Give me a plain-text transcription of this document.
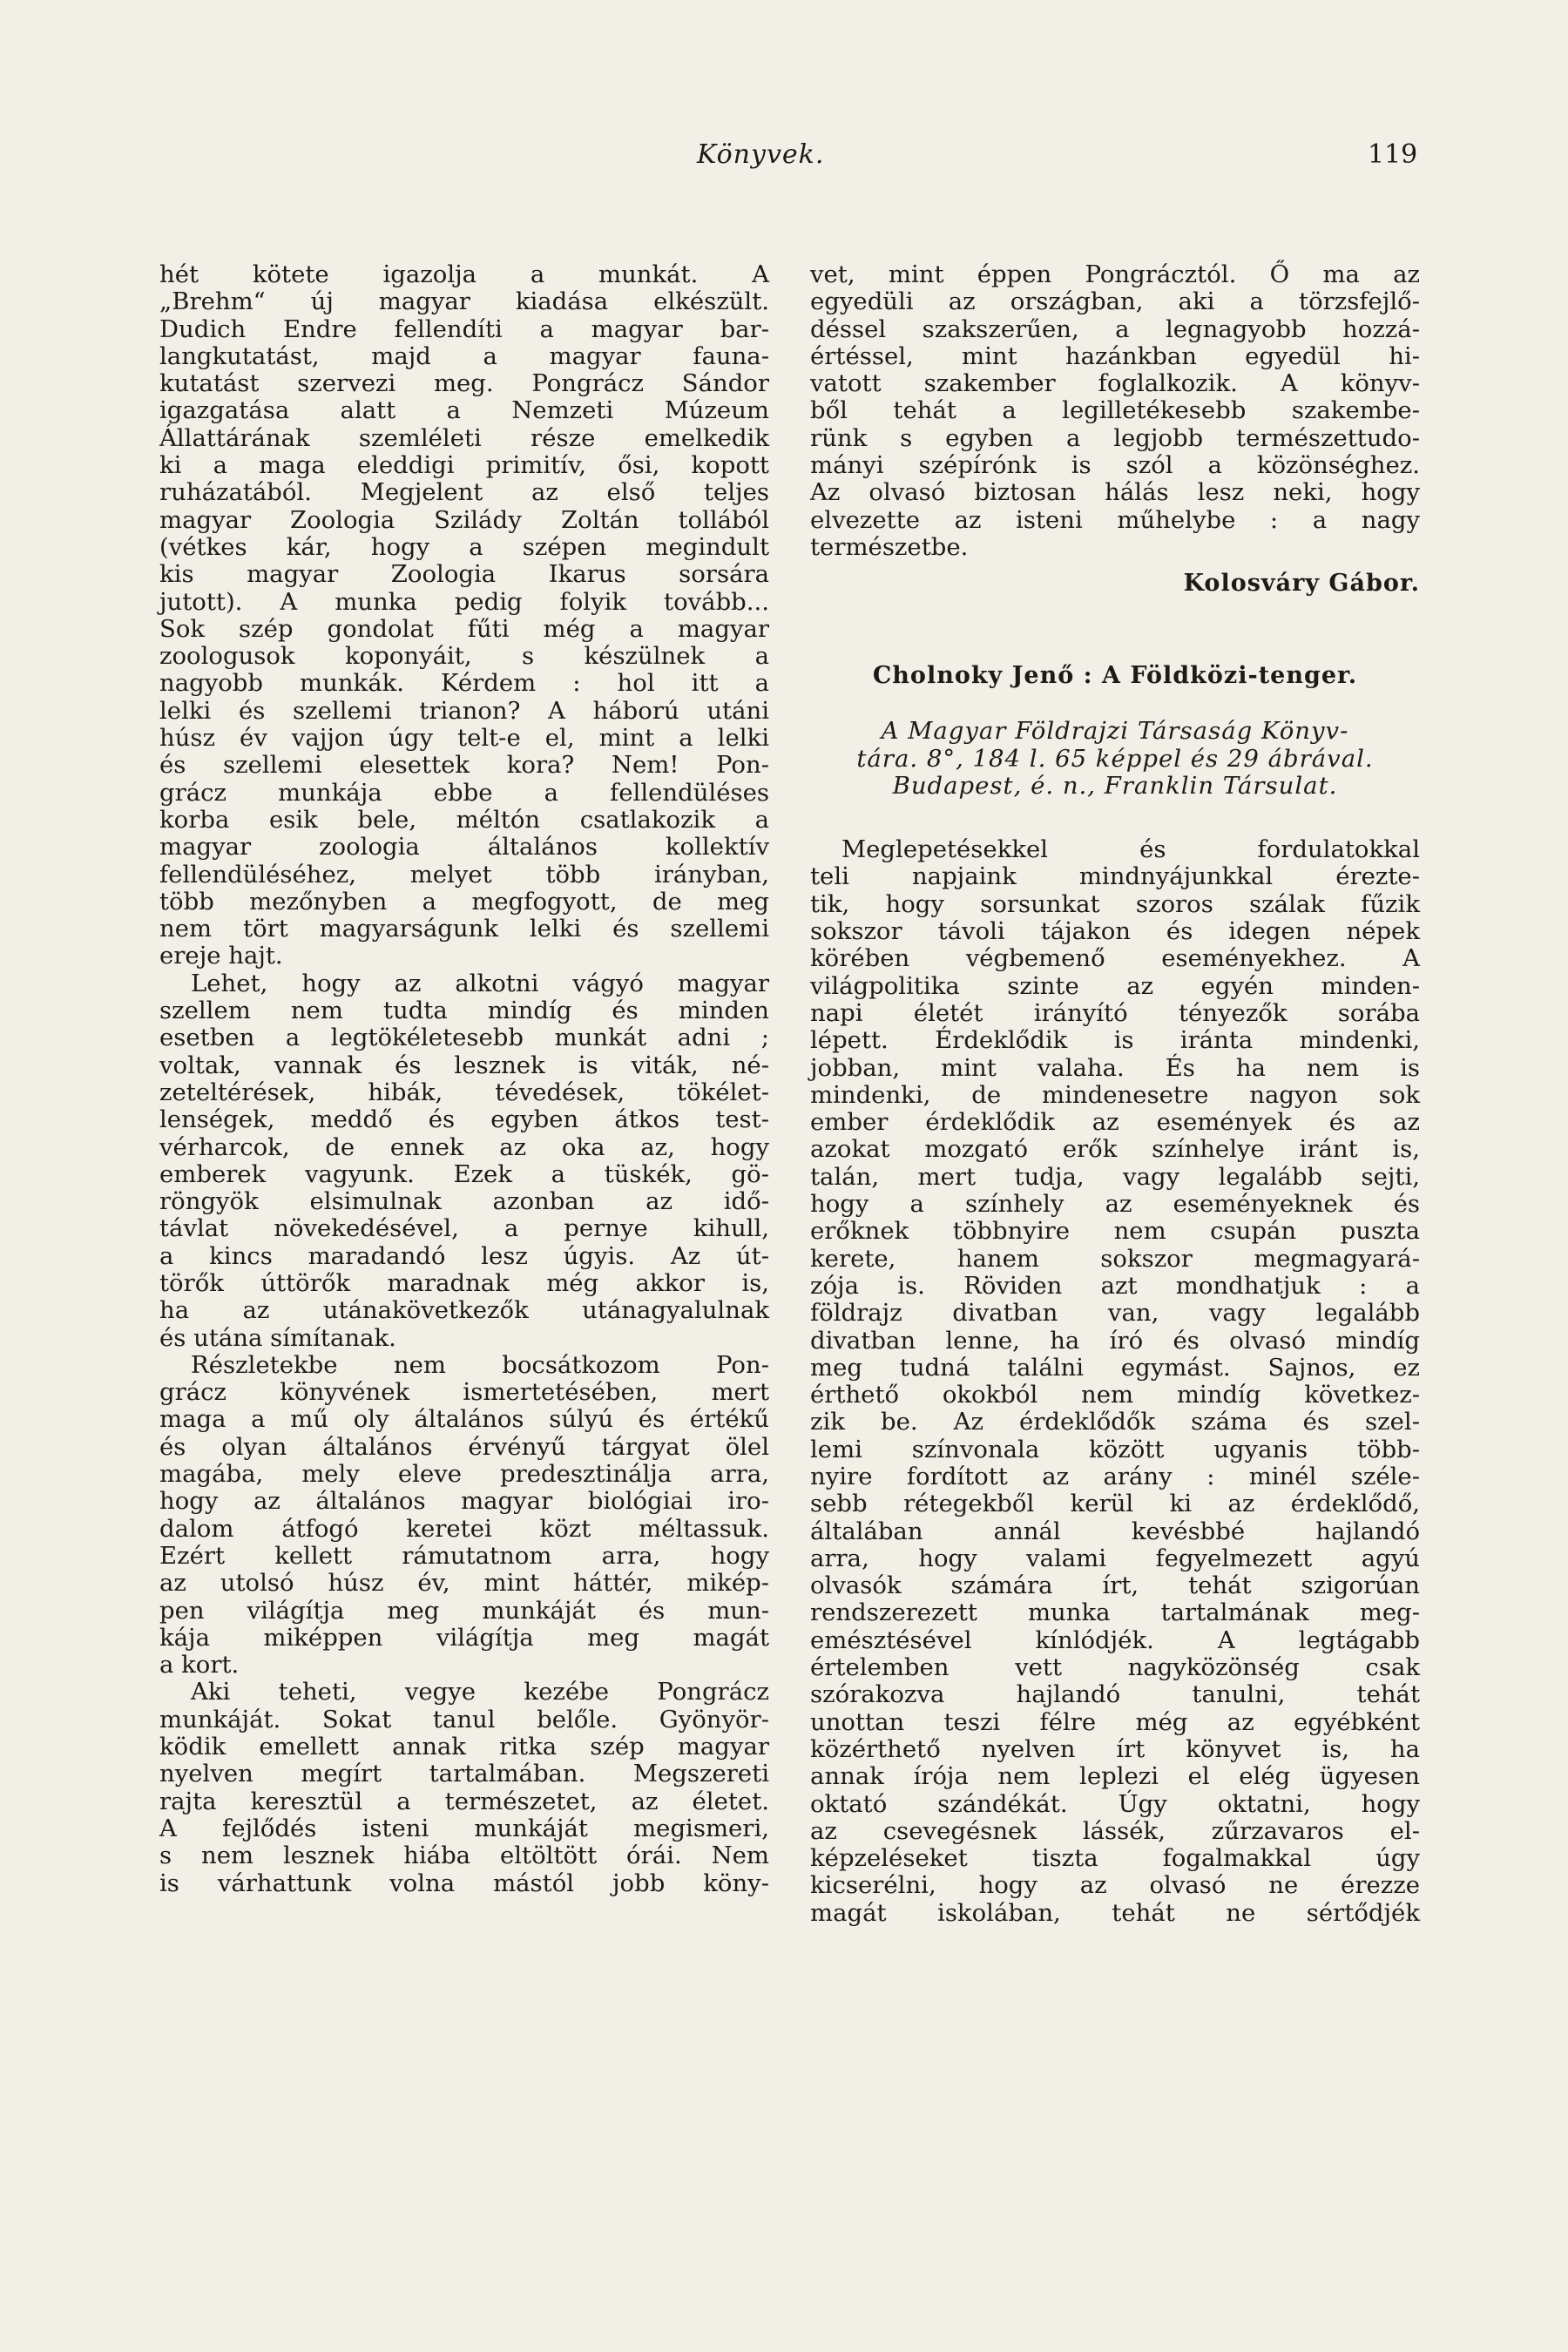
Könyvek.	119
hét kötete igazolja a munkát. A
„Brehm“ új magyar kiadása elkészült.
Dudich Endre fellendíti a magyar bar-
langkutatást, majd a magyar fauna-
kutatást szervezi meg. Pongrácz Sándor
igazgatása alatt a Nemzeti Múzeum
Állattárának szemléleti része emelkedik
ki a maga eleddigi primitív, ősi, kopott
ruházatából. Megjelent az első teljes
magyar Zoologia Sziládу Zoltán tollából
(vétkes kár, hogy a szépen megindult
kis magyar Zoologia Ikarus sorsára
jutott). A munka pedig folyik tovább...
Sok szép gondolat fűti még a magyar
zoologusok koponyáit, s készülnek a
nagyobb munkák. Kérdem : hol itt a
lelki és szellemi trianon? A háború utáni
húsz év vajjon úgy telt-e el, mint a lelki
és szellemi elesettek kora? Nem! Pon-
grácz munkája ebbe a fellendüléses
korba esik bele, méltón csatlakozik a
magyar zoologia általános kollektív
fellendüléséhez, melyet több irányban,
több mezőnyben a megfogyott, de meg
nem tört magyarságunk lelki és szellemi
ereje hajt.
Lehet, hogy az alkotni vágyó magyar
szellem nem tudta mindíg és minden
esetben a legtökéletesebb munkát adni ;
voltak, vannak és lesznek is viták, né-
zeteltérések, hibák, tévedések, tökélet-
lenségek, meddő és egyben átkos test-
vérharcok, de ennek az oka az, hogy
emberek vagyunk. Ezek a tüskék, gö-
röngyök elsimulnak azonban az idő-
távlat növekedésével, a pernye kihull,
a kincs maradandó lesz úgyis. Az út-
törők úttörők maradnak még akkor is,
ha az utánakövetkezők utánagyalulnak
és utána símítanak.
Részletekbe nem bocsátkozom Pon-
grácz könyvének ismertetésében, mert
maga a mű oly általános súlyú és értékű
és olyan általános érvényű tárgyat ölel
magába, mely eleve predesztinálja arra,
hogy az általános magyar biológiai iro-
dalom átfogó keretei közt méltassuk.
Ezért kellett rámutatnom arra, hogy
az utolsó húsz év, mint háttér, mikép-
pen világítja meg munkáját és mun-
kája miképpen világítja meg magát
a kort.
Aki teheti, vegye kezébe Pongrácz
munkáját. Sokat tanul belőle. Gyönyör-
ködik emellett annak ritka szép magyar
nyelven megírt tartalmában. Megszereti
rajta keresztül a természetet, az életet.
A fejlődés isteni munkáját megismeri,
s nem lesznek hiába eltöltött órái. Nem
is várhattunk volna mástól jobb köny-
vet, mint éppen Pongrácztól. Ő ma az
egyedüli az országban, aki a törzsfejlő-
déssel szakszerűen, a legnagyobb hozzá-
értéssel, mint hazánkban egyedül hi-
vatott szakember foglalkozik. A könyv-
ből tehát a legilletékesebb szakembe-
rünk s egyben a legjobb természettudo-
mányi szépírónk is szól a közönséghez.
Az olvasó biztosan hálás lesz neki, hogy
elvezette az isteni műhelybe : a nagy
természetbe.
Kolosváry Gábor.
Cholnoky Jenő : A Földközi-tenger.
A Magyar Földrajzi Társaság Könyv-
tára. 8°, 184 l. 65 képpel és 29 ábrával.
Budapest, é. n., Franklin Társulat.
Meglepetésekkel és fordulatokkal
teli napjaink mindnyájunkkal érezte-
tik, hogy sorsunkat szoros szálak fűzik
sokszor távoli tájakon és idegen népek
körében végbemenő eseményekhez. A
világpolitika szinte az egyén minden-
napi életét irányító tényezők sorába
lépett. Érdeklődik is iránta mindenki,
jobban, mint valaha. És ha nem is
mindenki, de mindenesetre nagyon sok
ember érdeklődik az események és az
azokat mozgató erők színhelye iránt is,
talán, mert tudja, vagy legalább sejti,
hogy a színhely az eseményeknek és
erőknek többnyire nem csupán puszta
kerete, hanem sokszor megmagyará-
zója is. Röviden azt mondhatjuk : a
földrajz divatban van, vagy legalább
divatban lenne, ha író és olvasó mindíg
meg tudná találni egymást. Sajnos, ez
érthető okokból nem mindíg következ-
zik be. Az érdeklődők száma és szel-
lemi színvonala között ugyanis több-
nyire fordított az arány : minél széle-
sebb rétegekből kerül ki az érdeklődő,
általában annál kevésbbé hajlandó
arra, hogy valami fegyelmezett agyú
olvasók számára írt, tehát szigorúan
rendszerezett munka tartalmának meg-
emésztésével kínlódjék. A legtágabb
értelemben vett nagyközönség csak
szórakozva hajlandó tanulni, tehát
unottan teszi félre még az egyébként
közérthető nyelven írt könyvet is, ha
annak írója nem leplezi el elég ügyesen
oktató szándékát. Úgy oktatni, hogy
az csevegésnek lássék, zűrzavaros el-
képzeléseket tiszta fogalmakkal úgy
kicserélni, hogy az olvasó ne érezze
magát iskolában, tehát ne sértődjék
